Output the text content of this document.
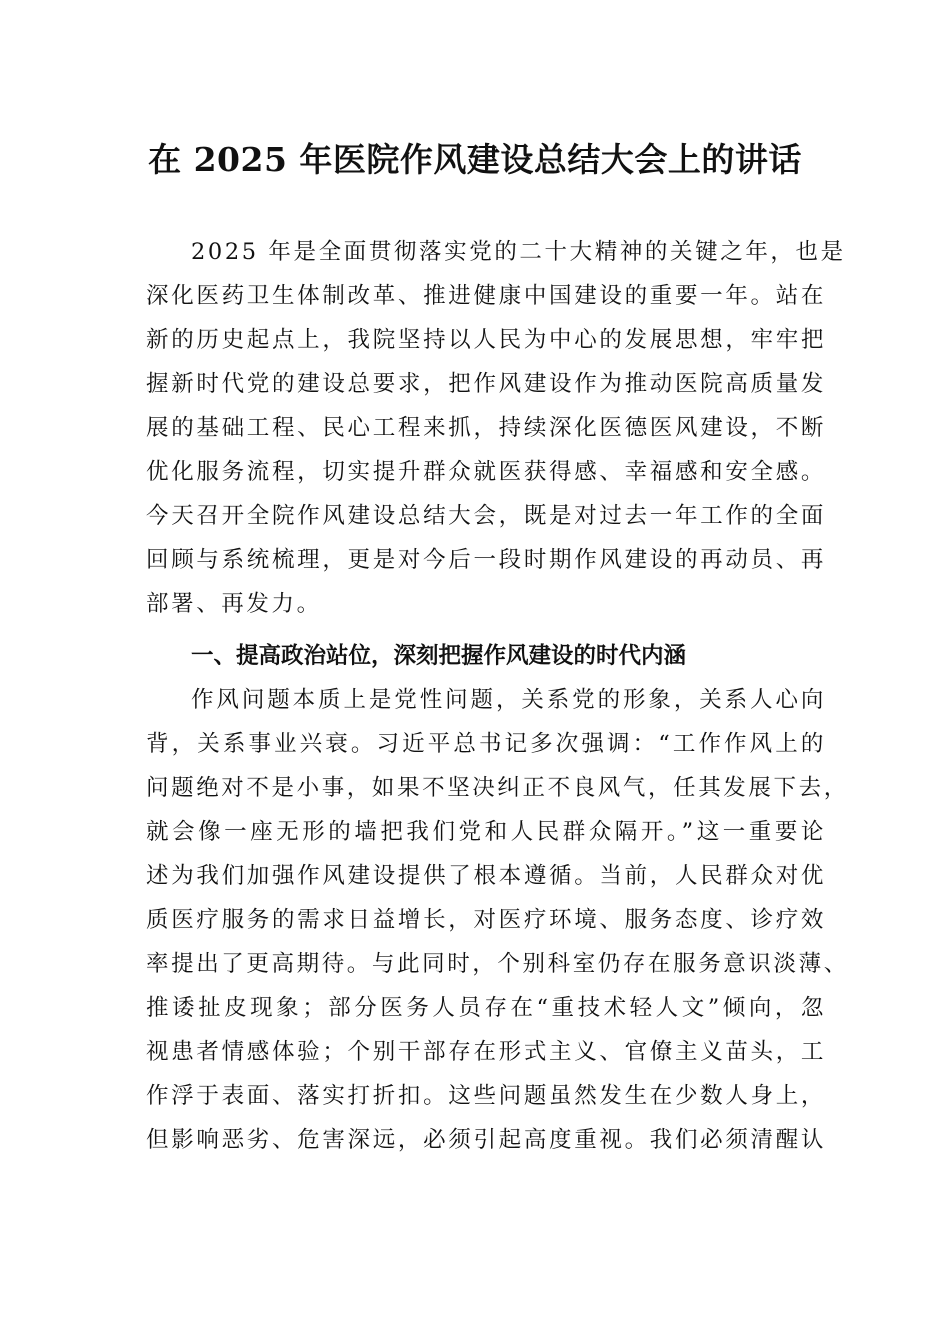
在 2025 年医院作风建设总结大会上的讲话
2025 年是全面贯彻落实党的二十大精神的关键之年，也是
深化医药卫生体制改革、推进健康中国建设的重要一年。站在
新的历史起点上，我院坚持以人民为中心的发展思想，牢牢把
握新时代党的建设总要求，把作风建设作为推动医院高质量发
展的基础工程、民心工程来抓，持续深化医德医风建设，不断
优化服务流程，切实提升群众就医获得感、幸福感和安全感。
今天召开全院作风建设总结大会，既是对过去一年工作的全面
回顾与系统梳理，更是对今后一段时期作风建设的再动员、再
部署、再发力。
一、提高政治站位，深刻把握作风建设的时代内涵
作风问题本质上是党性问题，关系党的形象，关系人心向
背，关系事业兴衰。习近平总书记多次强调：“工作作风上的
问题绝对不是小事，如果不坚决纠正不良风气，任其发展下去，
就会像一座无形的墙把我们党和人民群众隔开。”这一重要论
述为我们加强作风建设提供了根本遵循。当前，人民群众对优
质医疗服务的需求日益增长，对医疗环境、服务态度、诊疗效
率提出了更高期待。与此同时，个别科室仍存在服务意识淡薄、
推诿扯皮现象；部分医务人员存在“重技术轻人文”倾向，忽
视患者情感体验；个别干部存在形式主义、官僚主义苗头，工
作浮于表面、落实打折扣。这些问题虽然发生在少数人身上，
但影响恶劣、危害深远，必须引起高度重视。我们必须清醒认
